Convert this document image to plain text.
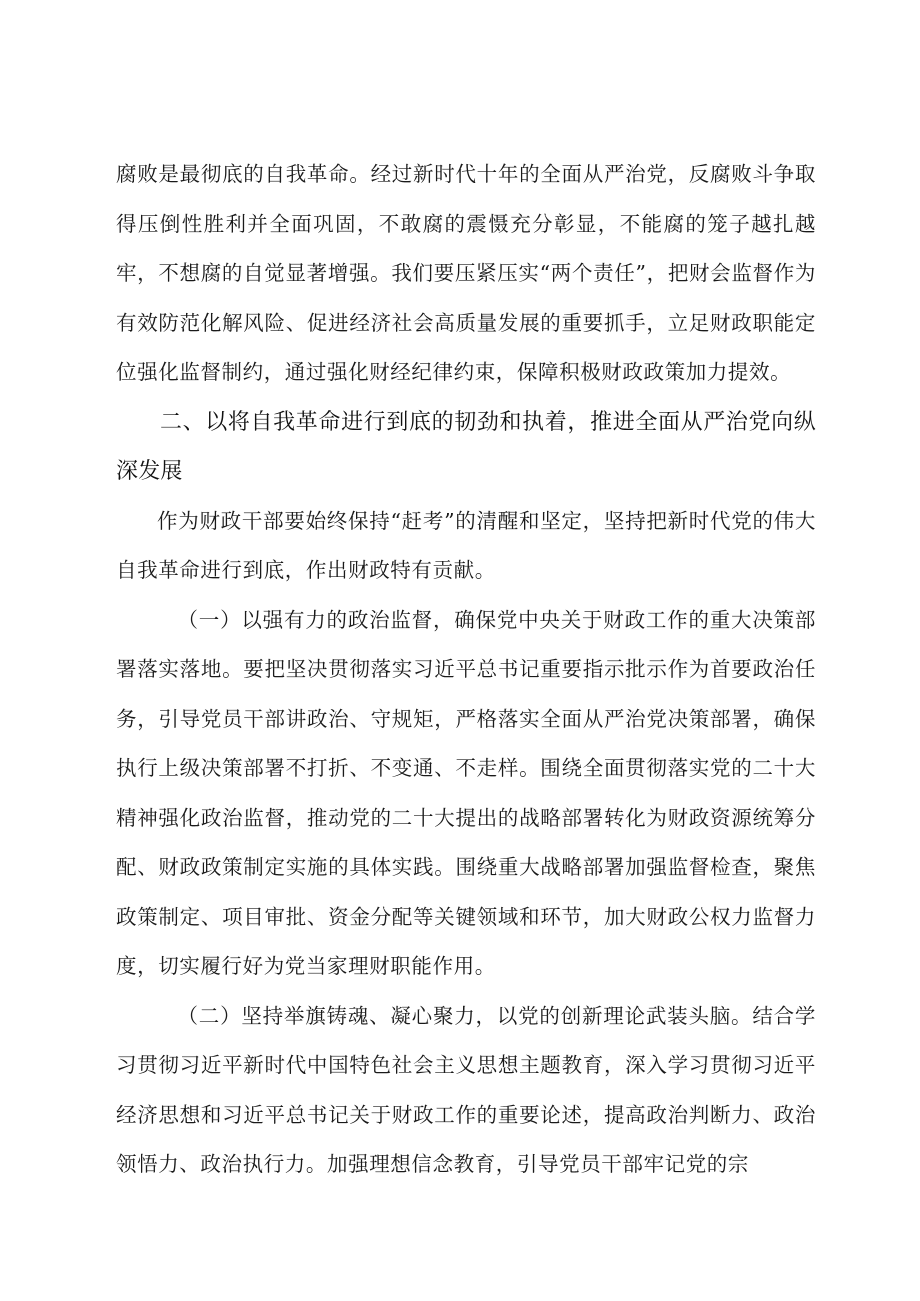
腐败是最彻底的自我革命。经过新时代十年的全面从严治党，反腐败斗争取得压倒性胜利并全面巩固，不敢腐的震慑充分彰显，不能腐的笼子越扎越牢，不想腐的自觉显著增强。我们要压紧压实“两个责任”，把财会监督作为有效防范化解风险、促进经济社会高质量发展的重要抓手，立足财政职能定位强化监督制约，通过强化财经纪律约束，保障积极财政政策加力提效。

二、以将自我革命进行到底的韧劲和执着，推进全面从严治党向纵深发展

作为财政干部要始终保持“赶考”的清醒和坚定，坚持把新时代党的伟大自我革命进行到底，作出财政特有贡献。

（一）以强有力的政治监督，确保党中央关于财政工作的重大决策部署落实落地。要把坚决贯彻落实习近平总书记重要指示批示作为首要政治任务，引导党员干部讲政治、守规矩，严格落实全面从严治党决策部署，确保执行上级决策部署不打折、不变通、不走样。围绕全面贯彻落实党的二十大精神强化政治监督，推动党的二十大提出的战略部署转化为财政资源统筹分配、财政政策制定实施的具体实践。围绕重大战略部署加强监督检查，聚焦政策制定、项目审批、资金分配等关键领域和环节，加大财政公权力监督力度，切实履行好为党当家理财职能作用。

（二）坚持举旗铸魂、凝心聚力，以党的创新理论武装头脑。结合学习贯彻习近平新时代中国特色社会主义思想主题教育，深入学习贯彻习近平经济思想和习近平总书记关于财政工作的重要论述，提高政治判断力、政治领悟力、政治执行力。加强理想信念教育，引导党员干部牢记党的宗
